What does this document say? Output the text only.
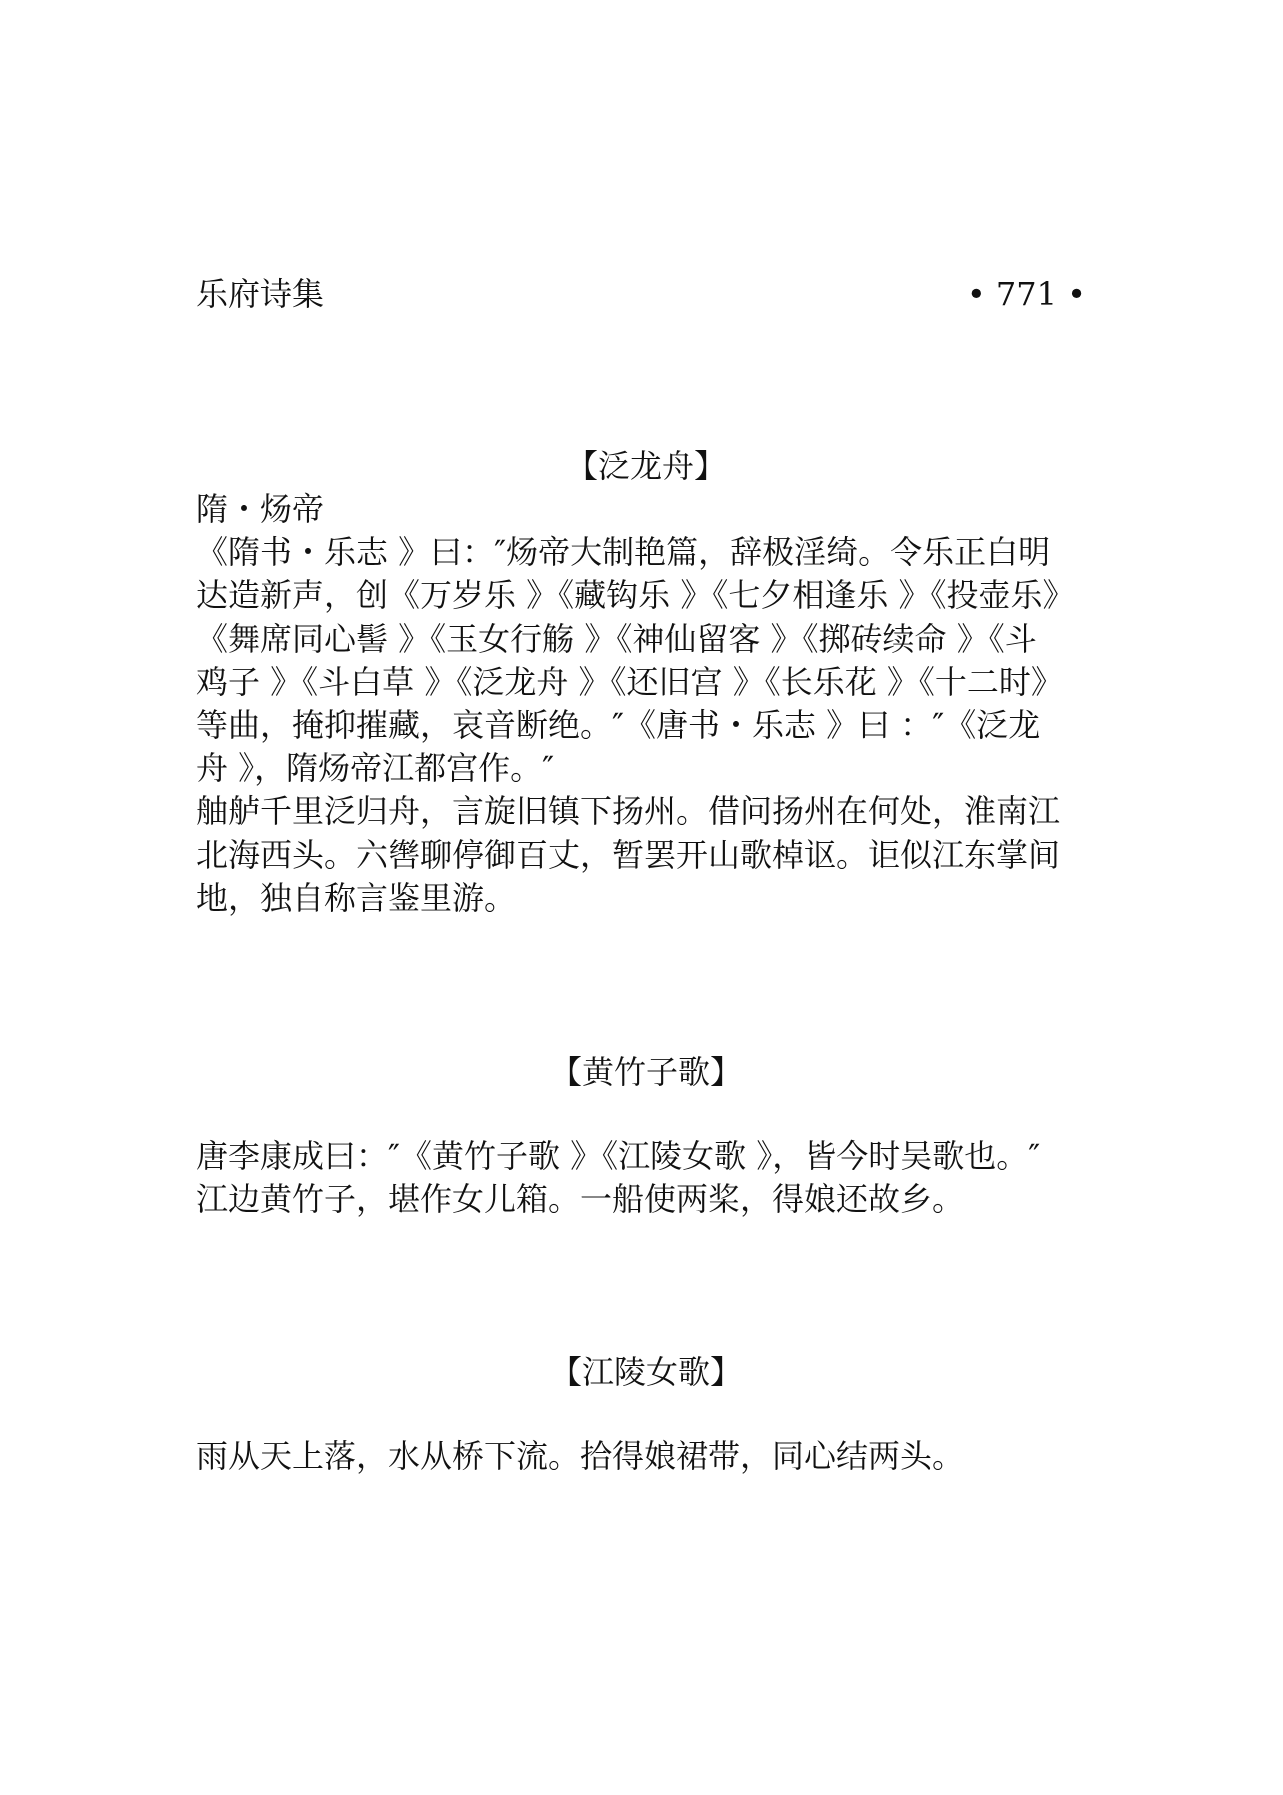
乐府诗集	• 771 •
【泛龙舟】

隋・炀帝

《隋书・乐志 》曰：″炀帝大制艳篇，辞极淫绮。令乐正白明

达造新声，创《万岁乐 》《藏钩乐 》《七夕相逢乐 》《投壶乐》

《舞席同心髻 》《玉女行觞 》《神仙留客 》《掷砖续命 》《斗

鸡子 》《斗白草 》《泛龙舟 》《还旧宫 》《长乐花 》《十二时》

等曲，掩抑摧藏，哀音断绝。″《唐书・乐志 》曰 ：″《泛龙

舟 》，隋炀帝江都宫作。″

舳舻千里泛归舟，言旋旧镇下扬州。借问扬州在何处，淮南江

北海西头。六辔聊停御百丈，暂罢开山歌棹讴。讵似江东掌间

地，独自称言鉴里游。

【黄竹子歌】

唐李康成曰：″《黄竹子歌 》《江陵女歌 》，皆今时吴歌也。″

江边黄竹子，堪作女儿箱。一船使两桨，得娘还故乡。

【江陵女歌】

雨从天上落，水从桥下流。拾得娘裙带，同心结两头。
